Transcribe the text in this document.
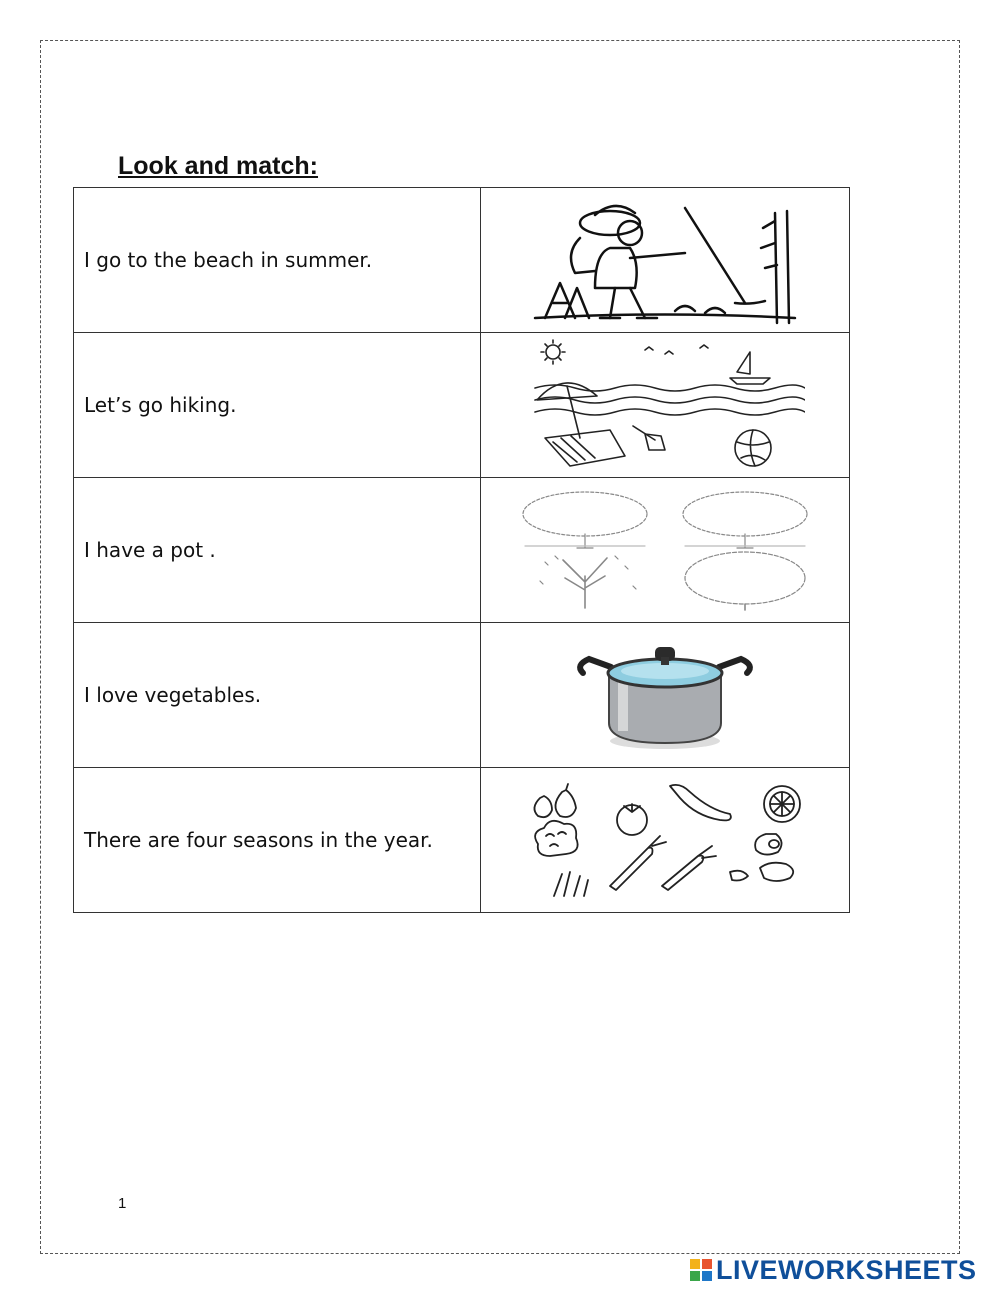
Look and match:
I go to the beach in summer.	

Let’s go hiking.	

I have a pot .	

I love vegetables.	

There are four seasons in the year.	
1
LIVEWORKSHEETS
